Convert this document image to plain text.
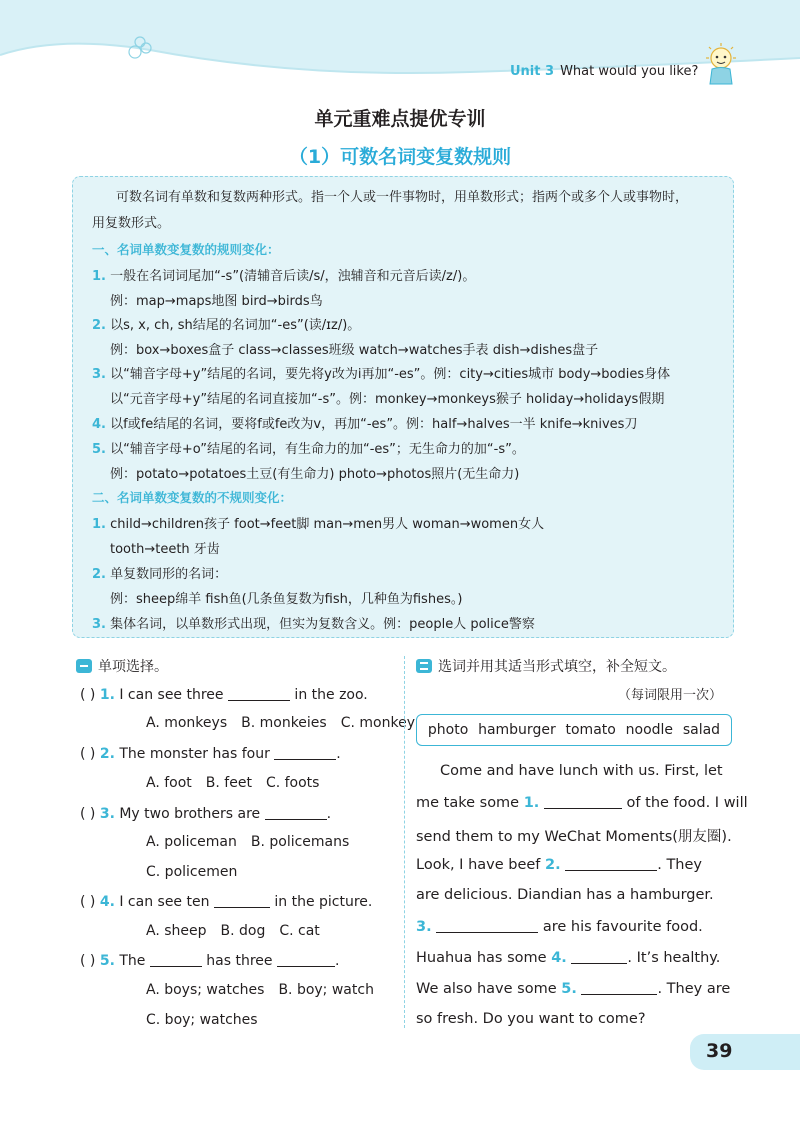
Unit 3 What would you like?
单元重难点提优专训
（1）可数名词变复数规则
可数名词有单数和复数两种形式。指一个人或一件事物时，用单数形式；指两个或多个人或事物时，
用复数形式。
一、名词单数变复数的规则变化：
1. 一般在名词词尾加“-s”(清辅音后读/s/，浊辅音和元音后读/z/)。
例：map→maps地图 bird→birds鸟
2. 以s, x, ch, sh结尾的名词加“-es”(读/ɪz/)。
例：box→boxes盒子 class→classes班级 watch→watches手表 dish→dishes盘子
3. 以“辅音字母+y”结尾的名词，要先将y改为i再加“-es”。例：city→cities城市 body→bodies身体
以“元音字母+y”结尾的名词直接加“-s”。例：monkey→monkeys猴子 holiday→holidays假期
4. 以f或fe结尾的名词，要将f或fe改为v，再加“-es”。例：half→halves一半 knife→knives刀
5. 以“辅音字母+o”结尾的名词，有生命力的加“-es”；无生命力的加“-s”。
例：potato→potatoes土豆(有生命力) photo→photos照片(无生命力)
二、名词单数变复数的不规则变化：
1. child→children孩子 foot→feet脚 man→men男人 woman→women女人
tooth→teeth 牙齿
2. 单复数同形的名词：
例：sheep绵羊 fish鱼(几条鱼复数为fish，几种鱼为fishes。)
3. 集体名词，以单数形式出现，但实为复数含义。例：people人 police警察
单项选择。
( ) 1. I can see three	in the zoo.
A. monkeys B. monkeies C. monkey
( ) 2. The monster has four	.
A. foot B. feet C. foots
( ) 3. My two brothers are	.
A. policeman B. policemans
C. policemen
( ) 4. I can see ten	in the picture.
A. sheep B. dog C. cat
( ) 5. The	has three	.
A. boys; watches B. boy; watch
C. boy; watches
选词并用其适当形式填空，补全短文。
（每词限用一次）
photo hamburger tomato noodle salad
Come and have lunch with us. First, let
me take some 1.	of the food. I will
send them to my WeChat Moments(朋友圈).
Look, I have beef 2.	. They
are delicious. Diandian has a hamburger.
3.	are his favourite food.
Huahua has some 4.	. It’s healthy.
We also have some 5.	. They are
so fresh. Do you want to come?
39
